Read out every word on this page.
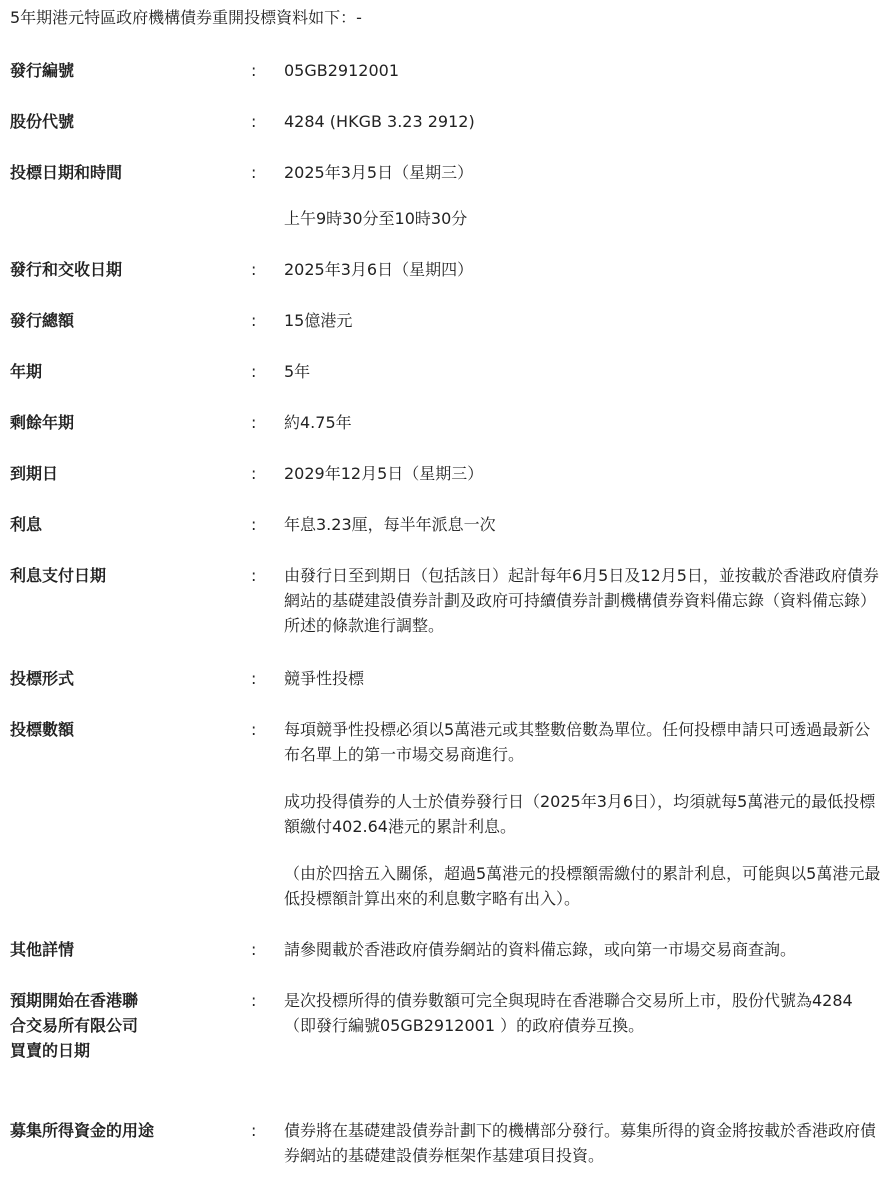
5年期港元特區政府機構債券重開投標資料如下：-

發行編號	: 05GB2912001

股份代號	: 4284 (HKGB 3.23 2912)

投標日期和時間	: 2025年3月5日（星期三）

上午9時30分至10時30分

發行和交收日期	: 2025年3月6日（星期四）

發行總額	: 15億港元

年期	: 5年

剩餘年期	: 約4.75年

到期日	: 2029年12月5日（星期三）

利息	: 年息3.23厘，每半年派息一次

利息支付日期	: 由發行日至到期日（包括該日）起計每年6月5日及12月5日，並按載於香港政府債券網站的基礎建設債券計劃及政府可持續債券計劃機構債券資料備忘錄（資料備忘錄）所述的條款進行調整。

投標形式	: 競爭性投標

投標數額	: 每項競爭性投標必須以5萬港元或其整數倍數為單位。任何投標申請只可透過最新公布名單上的第一市場交易商進行。

成功投得債券的人士於債券發行日（2025年3月6日），均須就每5萬港元的最低投標額繳付402.64港元的累計利息。

（由於四捨五入關係，超過5萬港元的投標額需繳付的累計利息，可能與以5萬港元最低投標額計算出來的利息數字略有出入）。

其他詳情	: 請參閱載於香港政府債券網站的資料備忘錄，或向第一市場交易商查詢。

預期開始在香港聯合交易所有限公司買賣的日期
: 是次投標所得的債券數額可完全與現時在香港聯合交易所上市，股份代號為4284（即發行編號05GB2912001 ）的政府債券互換。

募集所得資金的用途	: 債券將在基礎建設債券計劃下的機構部分發行。募集所得的資金將按載於香港政府債券網站的基礎建設債券框架作基建項目投資。
